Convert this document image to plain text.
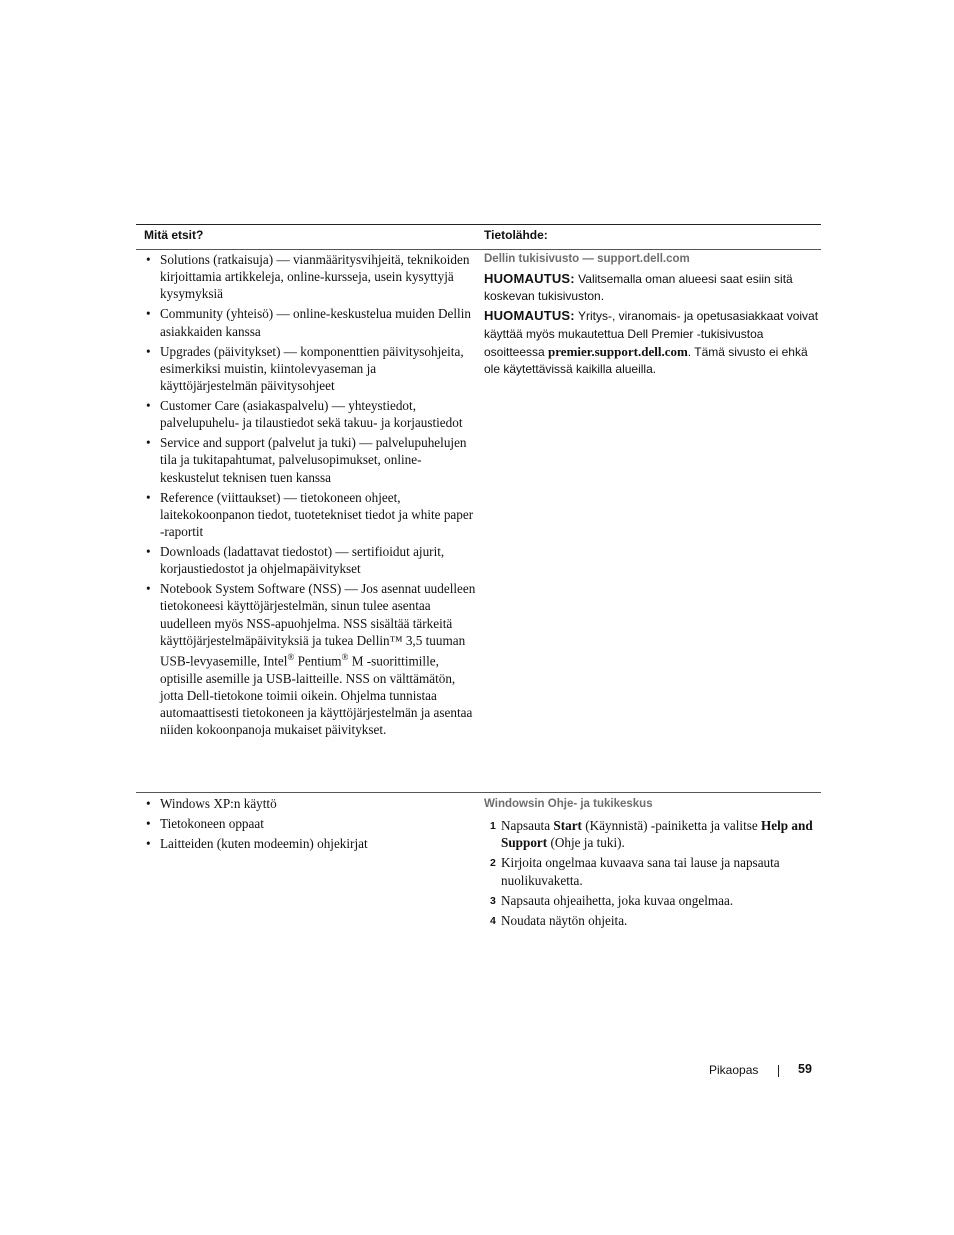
Mitä etsit?	Tietolähde:
• Solutions (ratkaisuja) — vianmääritysvihjeitä, teknikoiden kirjoittamia artikkeleja, online-kursseja, usein kysyttyjä kysymyksiä
• Community (yhteisö) — online-keskustelua muiden Dellin asiakkaiden kanssa
• Upgrades (päivitykset) — komponenttien päivitysohjeita, esimerkiksi muistin, kiintolevyaseman ja käyttöjärjestelmän päivitysohjeet
• Customer Care (asiakaspalvelu) — yhteystiedot, palvelupuhelu- ja tilaustiedot sekä takuu- ja korjaustiedot
• Service and support (palvelut ja tuki) — palvelupuhelujen tila ja tukitapahtumat, palvelusopimukset, online-keskustelut teknisen tuen kanssa
• Reference (viittaukset) — tietokoneen ohjeet, laitekokoonpanon tiedot, tuotetekniset tiedot ja white paper -raportit
• Downloads (ladattavat tiedostot) — sertifioidut ajurit, korjaustiedostot ja ohjelmapäivitykset
• Notebook System Software (NSS) — Jos asennat uudelleen tietokoneesi käyttöjärjestelmän, sinun tulee asentaa uudelleen myös NSS-apuohjelma. NSS sisältää tärkeitä käyttöjärjestelmäpäivityksiä ja tukea Dellin™ 3,5 tuuman USB-levyasemille, Intel® Pentium® M -suorittimille, optisille asemille ja USB-laitteille. NSS on välttämätön, jotta Dell-tietokone toimii oikein. Ohjelma tunnistaa automaattisesti tietokoneen ja käyttöjärjestelmän ja asentaa niiden kokoonpanoja mukaiset päivitykset.
Dellin tukisivusto — support.dell.com
HUOMAUTUS: Valitsemalla oman alueesi saat esiin sitä koskevan tukisivuston.
HUOMAUTUS: Yritys-, viranomais- ja opetusasiakkaat voivat käyttää myös mukautettua Dell Premier -tukisivustoa osoitteessa premier.support.dell.com. Tämä sivusto ei ehkä ole käytettävissä kaikilla alueilla.
• Windows XP:n käyttö
• Tietokoneen oppaat
• Laitteiden (kuten modeemin) ohjekirjat
Windowsin Ohje- ja tukikeskus
1 Napsauta Start (Käynnistä) -painiketta ja valitse Help and Support (Ohje ja tuki).
2 Kirjoita ongelmaa kuvaava sana tai lause ja napsauta nuolikuvaketta.
3 Napsauta ohjeaihetta, joka kuvaa ongelmaa.
4 Noudata näytön ohjeita.
Pikaopas	59
